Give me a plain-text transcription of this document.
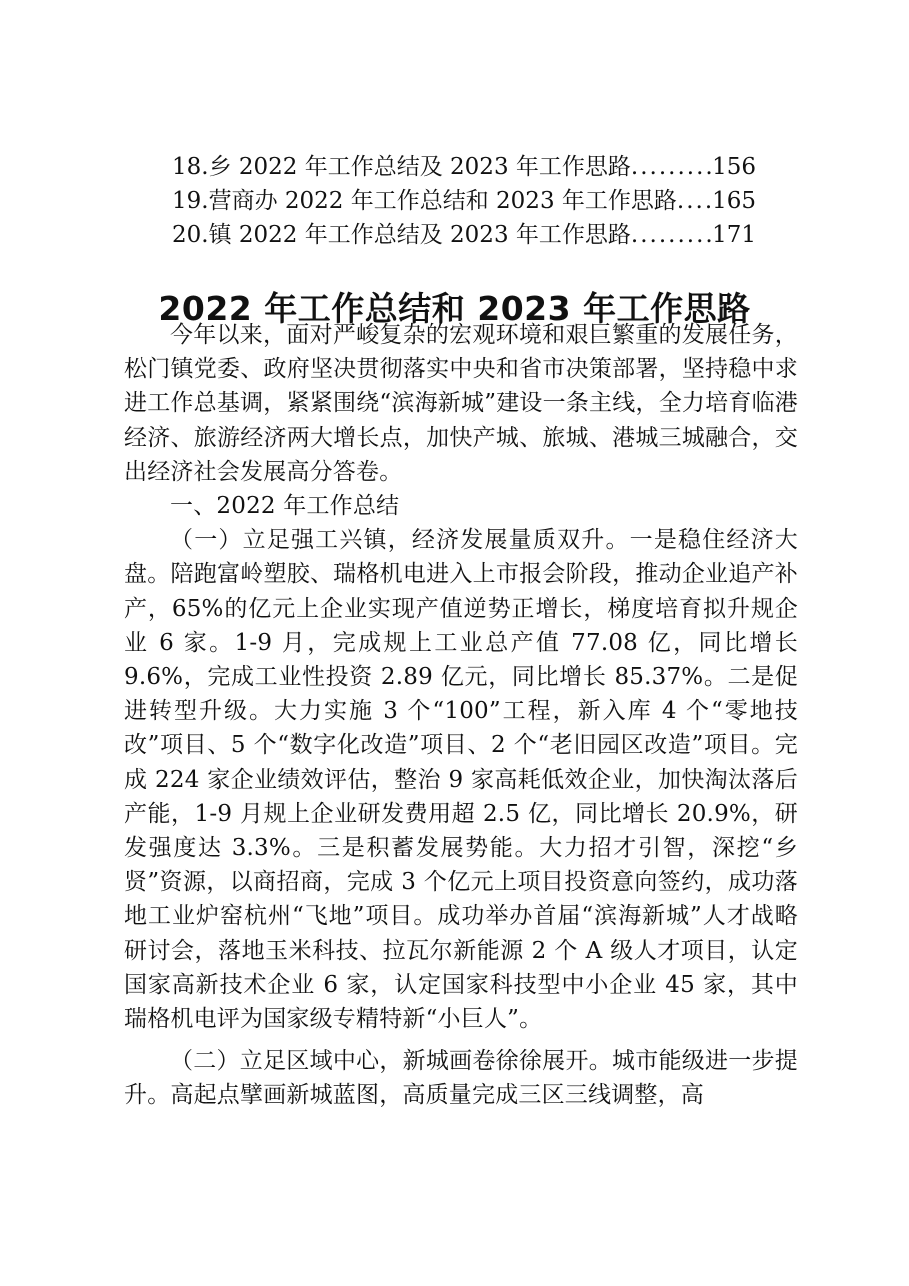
18. 乡 2022 年工作总结及 2023 年工作思路 .....	156
19. 营商办 2022 年工作总结和 2023 年工作思路 ..... 165
20. 镇 2022 年工作总结及 2023 年工作思路 .....	171
2022 年工作总结和 2023 年工作思路

今年以来，面对严峻复杂的宏观环境和艰巨繁重的发展任务，松门镇党委、政府坚决贯彻落实中央和省市决策部署，坚持稳中求进工作总基调，紧紧围绕“滨海新城”建设一条主线，全力培育临港经济、旅游经济两大增长点，加快产城、旅城、港城三城融合，交出经济社会发展高分答卷。

一、2022 年工作总结

（一）立足强工兴镇，经济发展量质双升。一是稳住经济大盘。陪跑富岭塑胶、瑞格机电进入上市报会阶段，推动企业追产补产，65%的亿元上企业实现产值逆势正增长，梯度培育拟升规企业 6 家。1-9 月，完成规上工业总产值 77.08 亿，同比增长 9.6%，完成工业性投资 2.89 亿元，同比增长 85.37%。二是促进转型升级。大力实施 3 个“100”工程，新入库 4 个“零地技改”项目、5 个“数字化改造”项目、2 个“老旧园区改造”项目。完成 224 家企业绩效评估，整治 9 家高耗低效企业，加快淘汰落后产能，1-9 月规上企业研发费用超 2.5 亿，同比增长 20.9%，研发强度达 3.3%。三是积蓄发展势能。大力招才引智，深挖“乡贤”资源，以商招商，完成 3 个亿元上项目投资意向签约，成功落地工业炉窑杭州“飞地”项目。成功举办首届“滨海新城”人才战略研讨会，落地玉米科技、拉瓦尔新能源 2 个 A 级人才项目，认定国家高新技术企业 6 家，认定国家科技型中小企业 45 家，其中瑞格机电评为国家级专精特新“小巨人”。

（二）立足区域中心，新城画卷徐徐展开。城市能级进一步提升。高起点擘画新城蓝图，高质量完成三区三线调整，高
